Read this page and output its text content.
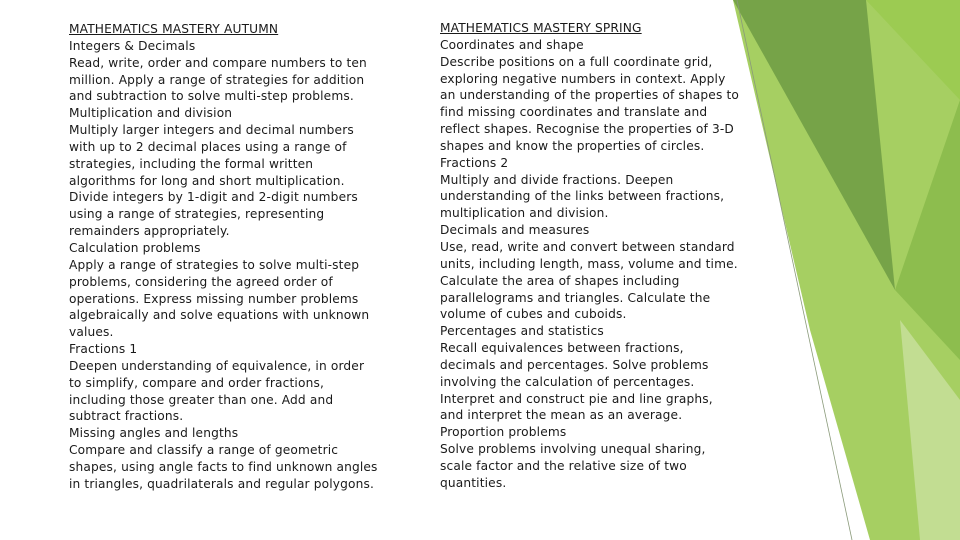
MATHEMATICS MASTERY AUTUMN
Integers & Decimals
Read, write, order and compare numbers to ten million. Apply a range of strategies for addition and subtraction to solve multi-step problems.
Multiplication and division
Multiply larger integers and decimal numbers with up to 2 decimal places using a range of strategies, including the formal written algorithms for long and short multiplication. Divide integers by 1-digit and 2-digit numbers using a range of strategies, representing remainders appropriately.
Calculation problems
Apply a range of strategies to solve multi-step problems, considering the agreed order of operations. Express missing number problems algebraically and solve equations with unknown values.
Fractions 1
Deepen understanding of equivalence, in order to simplify, compare and order fractions, including those greater than one. Add and subtract fractions.
Missing angles and lengths
Compare and classify a range of geometric shapes, using angle facts to find unknown angles in triangles, quadrilaterals and regular polygons.
MATHEMATICS MASTERY SPRING
Coordinates and shape
Describe positions on a full coordinate grid, exploring negative numbers in context. Apply an understanding of the properties of shapes to find missing coordinates and translate and reflect shapes. Recognise the properties of 3-D shapes and know the properties of circles.
Fractions 2
Multiply and divide fractions. Deepen understanding of the links between fractions, multiplication and division.
Decimals and measures
Use, read, write and convert between standard units, including length, mass, volume and time. Calculate the area of shapes including parallelograms and triangles. Calculate the volume of cubes and cuboids.
Percentages and statistics
Recall equivalences between fractions, decimals and percentages. Solve problems involving the calculation of percentages. Interpret and construct pie and line graphs, and interpret the mean as an average.
Proportion problems
Solve problems involving unequal sharing, scale factor and the relative size of two quantities.
